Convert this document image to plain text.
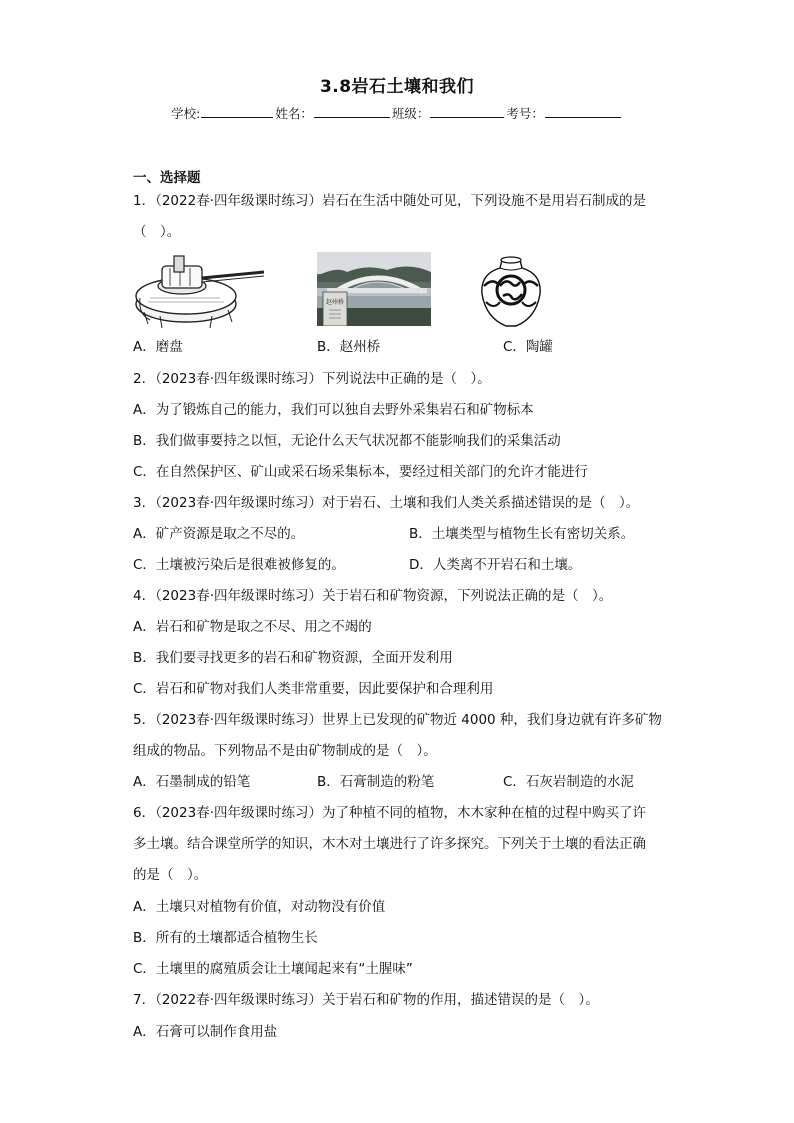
3.8岩石土壤和我们
学校:	姓名：	班级：	考号：
一、选择题
1．（2022春·四年级课时练习）岩石在生活中随处可见，下列设施不是用岩石制成的是
（　）。
赵州桥
A．磨盘	B．赵州桥	C．陶罐
2．（2023春·四年级课时练习）下列说法中正确的是（　）。
A．为了锻炼自己的能力，我们可以独自去野外采集岩石和矿物标本
B．我们做事要持之以恒，无论什么天气状况都不能影响我们的采集活动
C．在自然保护区、矿山或采石场采集标本，要经过相关部门的允许才能进行
3．（2023春·四年级课时练习）对于岩石、土壤和我们人类关系描述错误的是（　）。
A．矿产资源是取之不尽的。	B．土壤类型与植物生长有密切关系。
C．土壤被污染后是很难被修复的。	D．人类离不开岩石和土壤。
4．（2023春·四年级课时练习）关于岩石和矿物资源，下列说法正确的是（　）。
A．岩石和矿物是取之不尽、用之不竭的
B．我们要寻找更多的岩石和矿物资源，全面开发利用
C．岩石和矿物对我们人类非常重要，因此要保护和合理利用
5．（2023春·四年级课时练习）世界上已发现的矿物近 4000 种，我们身边就有许多矿物
组成的物品。下列物品不是由矿物制成的是（　）。
A．石墨制成的铅笔	B．石膏制造的粉笔	C．石灰岩制造的水泥
6．（2023春·四年级课时练习）为了种植不同的植物，木木家种在植的过程中购买了许
多土壤。结合课堂所学的知识，木木对土壤进行了许多探究。下列关于土壤的看法正确
的是（　）。
A．土壤只对植物有价值，对动物没有价值
B．所有的土壤都适合植物生长
C．土壤里的腐殖质会让土壤闻起来有“土腥味”
7．（2022春·四年级课时练习）关于岩石和矿物的作用，描述错误的是（　）。
A．石膏可以制作食用盐
